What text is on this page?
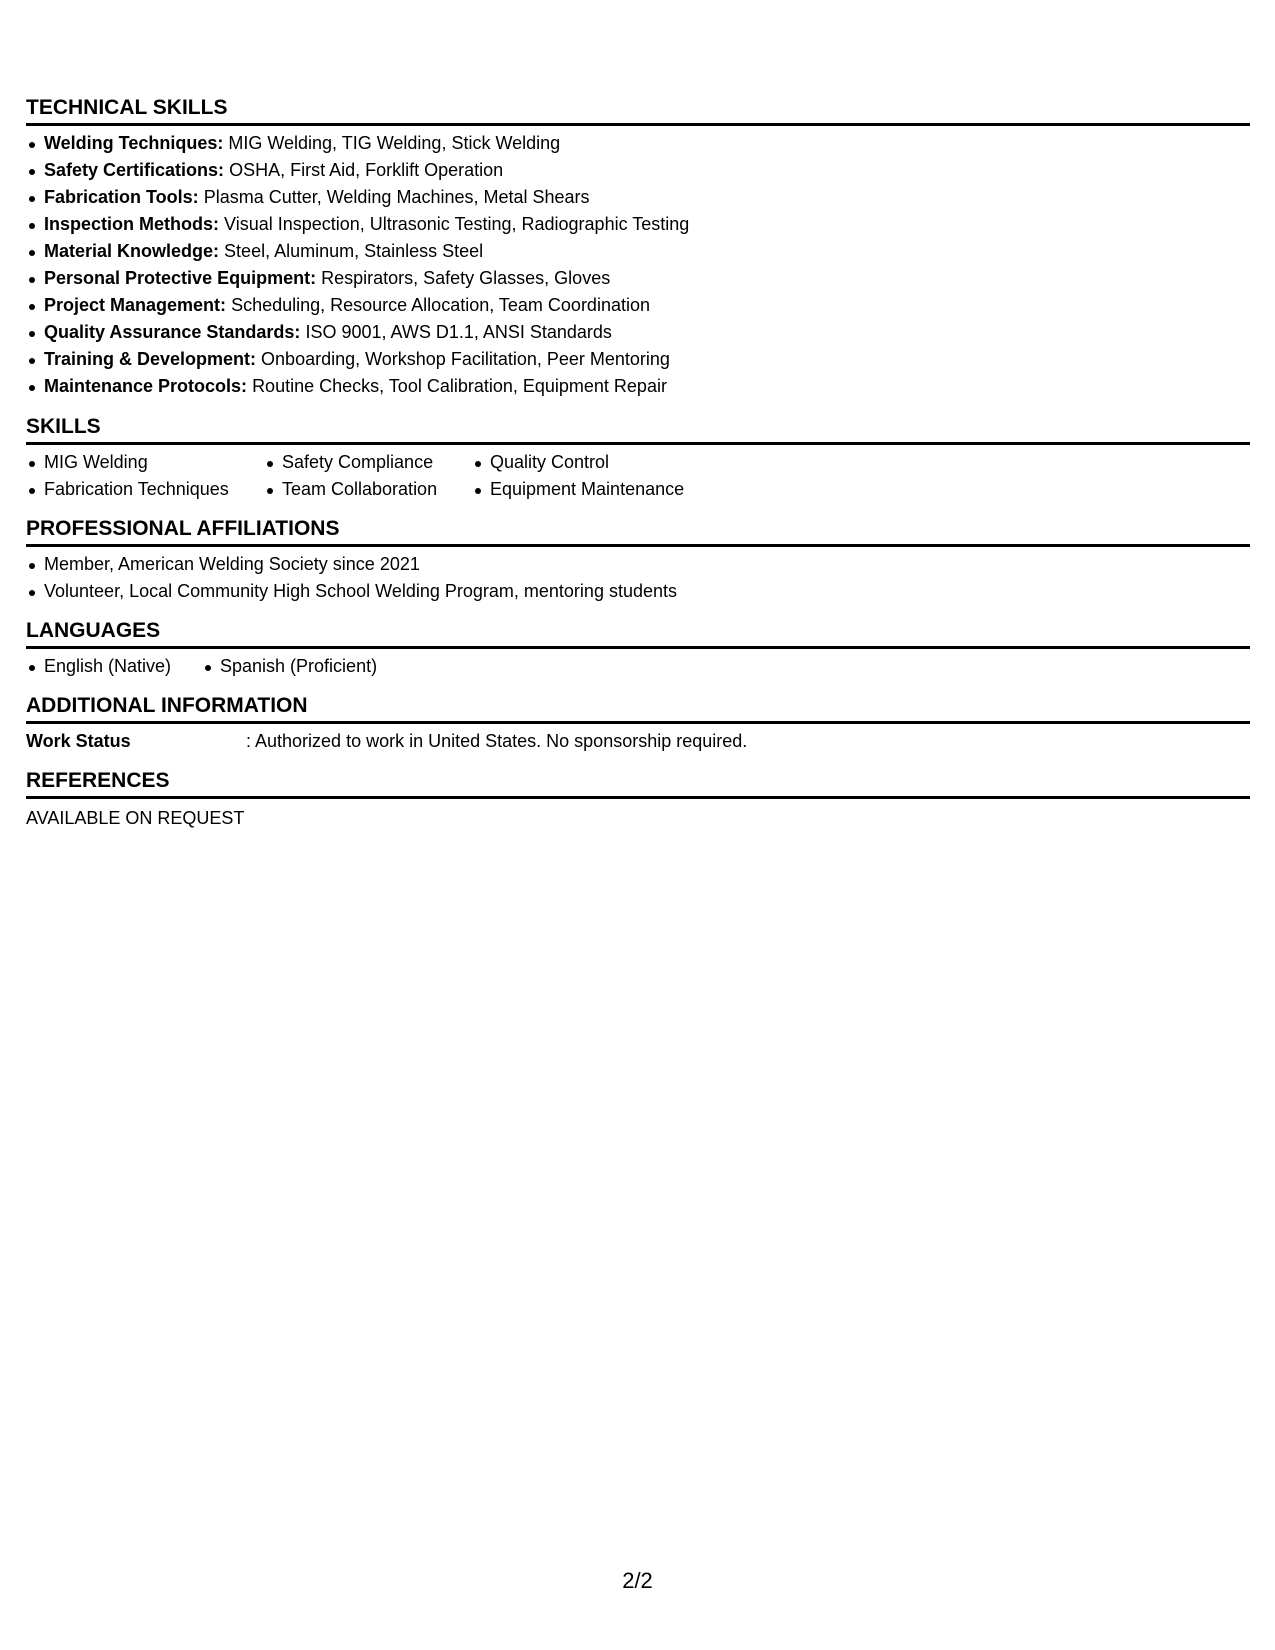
TECHNICAL SKILLS
Welding Techniques: MIG Welding, TIG Welding, Stick Welding
Safety Certifications: OSHA, First Aid, Forklift Operation
Fabrication Tools: Plasma Cutter, Welding Machines, Metal Shears
Inspection Methods: Visual Inspection, Ultrasonic Testing, Radiographic Testing
Material Knowledge: Steel, Aluminum, Stainless Steel
Personal Protective Equipment: Respirators, Safety Glasses, Gloves
Project Management: Scheduling, Resource Allocation, Team Coordination
Quality Assurance Standards: ISO 9001, AWS D1.1, ANSI Standards
Training & Development: Onboarding, Workshop Facilitation, Peer Mentoring
Maintenance Protocols: Routine Checks, Tool Calibration, Equipment Repair
SKILLS
MIG Welding	Safety Compliance	Quality Control
Fabrication Techniques	Team Collaboration	Equipment Maintenance
PROFESSIONAL AFFILIATIONS
Member, American Welding Society since 2021
Volunteer, Local Community High School Welding Program, mentoring students
LANGUAGES
English (Native)	Spanish (Proficient)
ADDITIONAL INFORMATION
Work Status	: Authorized to work in United States. No sponsorship required.
REFERENCES
AVAILABLE ON REQUEST
2/2
